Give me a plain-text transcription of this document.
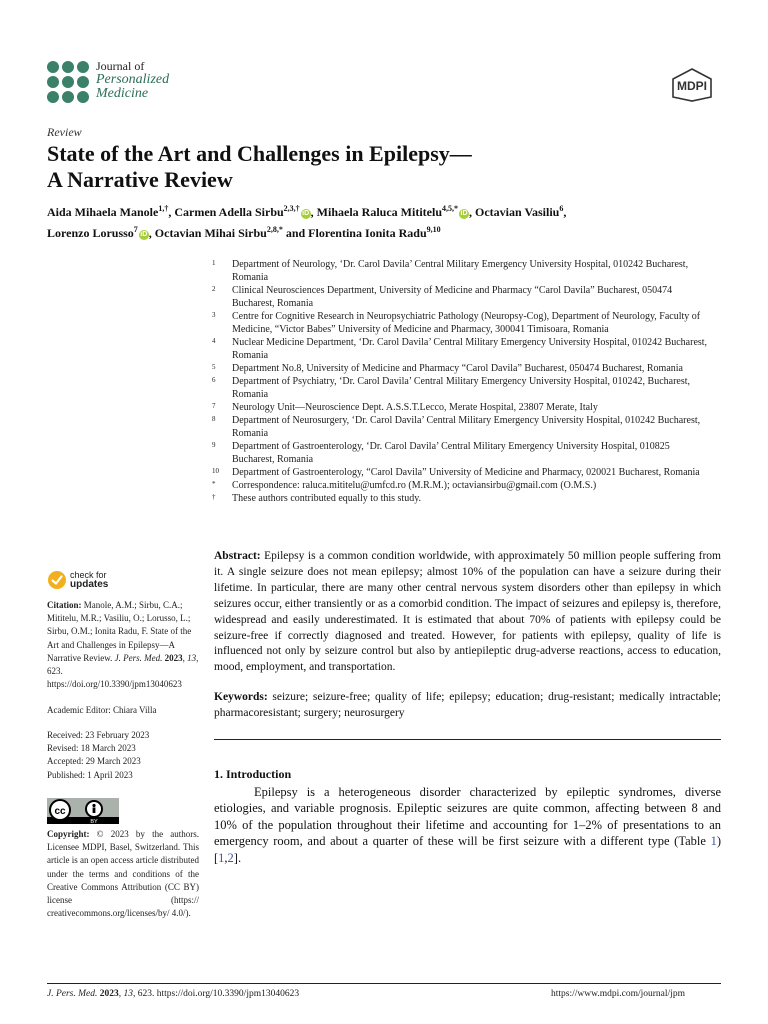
Journal of
Personalized
Medicine	MDPI
Review
State of the Art and Challenges in Epilepsy—
A Narrative Review
Aida Mihaela Manole$^{1,\dagger}$, Carmen Adella Sirbu$^{2,3,\dagger}$iD , Mihaela Raluca Mititelu$^{4,5,*}$iD , Octavian Vasiliu$^6$,
Lorenzo Lorusso$^7$iD , Octavian Mihai Sirbu$^{2,8,*}$ and Florentina Ionita Radu$^{9,10}$
1	Department of Neurology, ‘Dr. Carol Davila’ Central Military Emergency University Hospital, 010242 Bucharest, Romania
2	Clinical Neurosciences Department, University of Medicine and Pharmacy “Carol Davila” Bucharest, 050474 Bucharest, Romania
3	Centre for Cognitive Research in Neuropsychiatric Pathology (Neuropsy-Cog), Department of Neurology, Faculty of Medicine, “Victor Babes” University of Medicine and Pharmacy, 300041 Timisoara, Romania
4	Nuclear Medicine Department, ‘Dr. Carol Davila’ Central Military Emergency University Hospital, 010242 Bucharest, Romania
5	Department No.8, University of Medicine and Pharmacy “Carol Davila” Bucharest, 050474 Bucharest, Romania
6	Department of Psychiatry, ‘Dr. Carol Davila’ Central Military Emergency University Hospital, 010242, Bucharest, Romania
7	Neurology Unit—Neuroscience Dept. A.S.S.T.Lecco, Merate Hospital, 23807 Merate, Italy
8	Department of Neurosurgery, ‘Dr. Carol Davila’ Central Military Emergency University Hospital, 010242 Bucharest, Romania
9	Department of Gastroenterology, ‘Dr. Carol Davila’ Central Military Emergency University Hospital, 010825 Bucharest, Romania
10	Department of Gastroenterology, “Carol Davila” University of Medicine and Pharmacy, 020021 Bucharest, Romania
*	Correspondence: raluca.mititelu@umfcd.ro (M.R.M.); octaviansirbu@gmail.com (O.M.S.)
†	These authors contributed equally to this study.
Abstract: Epilepsy is a common condition worldwide, with approximately 50 million people suffering from it. A single seizure does not mean epilepsy; almost 10% of the population can have a seizure during their lifetime. In particular, there are many other central nervous system disorders other than epilepsy in which seizures occur, either transiently or as a comorbid condition. The impact of seizures and epilepsy is, therefore, widespread and easily underestimated. It is estimated that about 70% of patients with epilepsy could be seizure-free if correctly diagnosed and treated. However, for patients with epilepsy, quality of life is influenced not only by seizure control but also by antiepileptic drug-adverse reactions, access to education, mood, employment, and transportation.
Keywords: seizure; seizure-free; quality of life; epilepsy; education; drug-resistant; medically intractable; pharmacoresistant; surgery; neurosurgery
1. Introduction
Epilepsy is a heterogeneous disorder characterized by epileptic syndromes, diverse etiologies, and variable prognosis. Epileptic seizures are quite common, affecting between 8 and 10% of the population throughout their lifetime and accounting for 1–2% of presentations to an emergency room, and about a quarter of these will be first seizure with a different type (Table 1) [1,2].
check for
updates

Citation: Manole, A.M.; Sirbu, C.A.; Mititelu, M.R.; Vasiliu, O.; Lorusso, L.; Sirbu, O.M.; Ionita Radu, F. State of the Art and Challenges in Epilepsy—A Narrative Review. J. Pers. Med. 2023, 13, 623. https://doi.org/10.3390/jpm13040623

Academic Editor: Chiara Villa

Received: 23 February 2023
Revised: 18 March 2023
Accepted: 29 March 2023
Published: 1 April 2023
cc
BY

Copyright: © 2023 by the authors. Licensee MDPI, Basel, Switzerland. This article is an open access article distributed under the terms and conditions of the Creative Commons Attribution (CC BY) license (https:// creativecommons.org/licenses/by/ 4.0/).

J. Pers. Med. 2023, 13, 623. https://doi.org/10.3390/jpm13040623	https://www.mdpi.com/journal/jpm
